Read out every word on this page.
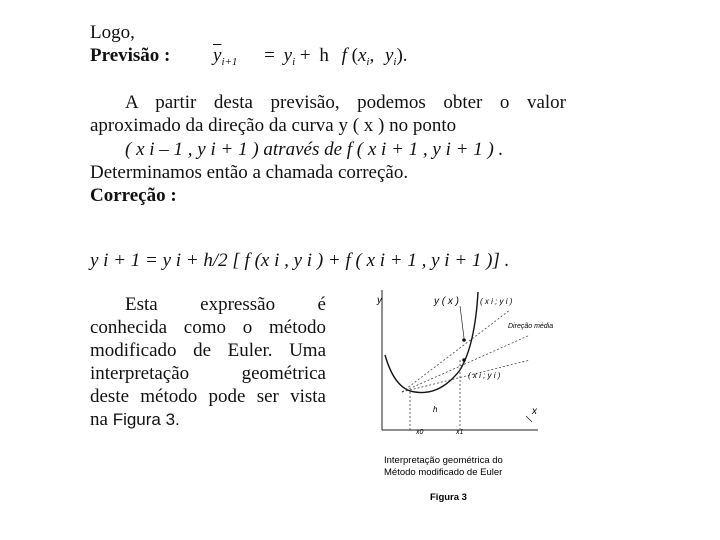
Logo,
Previsão : $\overline{y}_{i+1} = y_i + h$ f ($x_i$, $y_i$).
A partir desta previsão, podemos obter o valor
aproximado da direção da curva y ( x ) no ponto
( x i – 1 , y i + 1 ) através de f ( x i + 1 , y i + 1 ) .
Determinamos então a chamada correção.
Correção :
y i + 1 = y i + h/2 [ f (x i , y i ) + f ( x i + 1 , y i + 1 )] .
Esta expressão é
conhecida como o método
modificado de Euler. Uma
interpretação	geométrica
deste método pode ser vista
na Figura 3.
y
x
y ( x )	( x i ; y i )
Direção média
( x i ; y i )
h
x0	x1
Interpretação geométrica do
Método modificado de Euler
Figura 3
